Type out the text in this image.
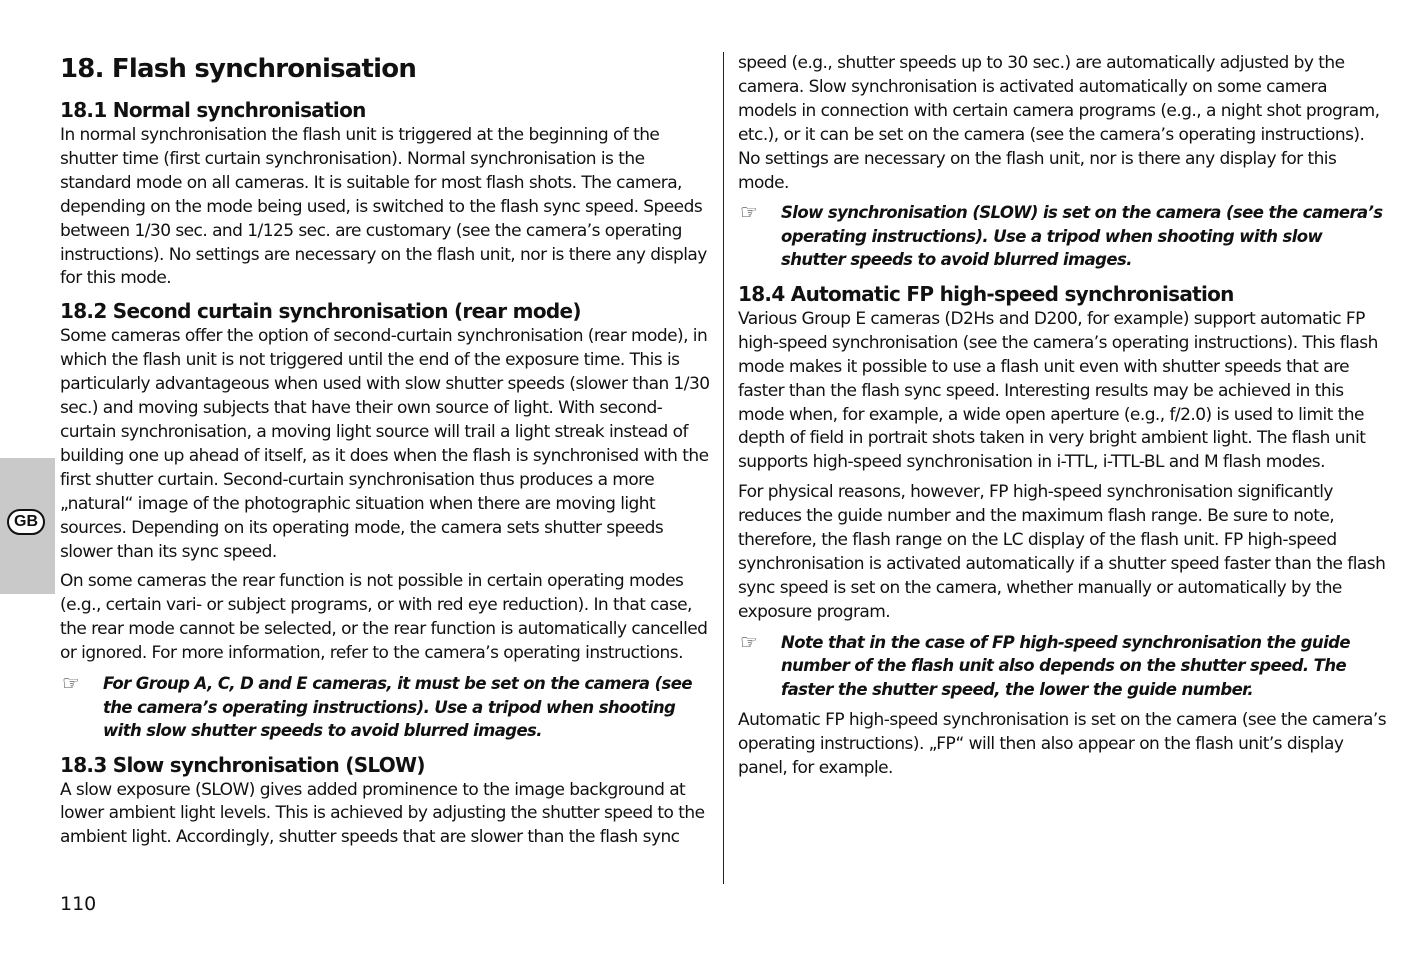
GB
18. Flash synchronisation
18.1 Normal synchronisation

In normal synchronisation the flash unit is triggered at the beginning of the shutter time (first curtain synchronisation). Normal synchronisation is the standard mode on all cameras. It is suitable for most flash shots. The camera, depending on the mode being used, is switched to the flash sync speed. Speeds between 1/30 sec. and 1/125 sec. are customary (see the camera’s operating instructions). No settings are necessary on the flash unit, nor is there any display for this mode.

18.2 Second curtain synchronisation (rear mode)

Some cameras offer the option of second-curtain synchronisation (rear mode), in which the flash unit is not triggered until the end of the exposure time. This is particularly advantageous when used with slow shutter speeds (slower than 1/30 sec.) and moving subjects that have their own source of light. With second-curtain synchronisation, a moving light source will trail a light streak instead of building one up ahead of itself, as it does when the flash is synchronised with the first shutter curtain. Second-curtain synchronisation thus produces a more „natural“ image of the photographic situation when there are moving light sources. Depending on its operating mode, the camera sets shutter speeds slower than its sync speed.

On some cameras the rear function is not possible in certain operating modes (e.g., certain vari- or subject programs, or with red eye reduction). In that case, the rear mode cannot be selected, or the rear function is automatically cancelled or ignored. For more information, refer to the camera’s operating instructions.

☞	For Group A, C, D and E cameras, it must be set on the camera (see the camera’s operating instructions). Use a tripod when shooting with slow shutter speeds to avoid blurred images.
18.3 Slow synchronisation (SLOW)

A slow exposure (SLOW) gives added prominence to the image background at lower ambient light levels. This is achieved by adjusting the shutter speed to the ambient light. Accordingly, shutter speeds that are slower than the flash sync

speed (e.g., shutter speeds up to 30 sec.) are automatically adjusted by the camera. Slow synchronisation is activated automatically on some camera models in connection with certain camera programs (e.g., a night shot program, etc.), or it can be set on the camera (see the camera’s operating instructions). No settings are necessary on the flash unit, nor is there any display for this mode.

☞	Slow synchronisation (SLOW) is set on the camera (see the camera’s operating instructions). Use a tripod when shooting with slow shutter speeds to avoid blurred images.
18.4 Automatic FP high-speed synchronisation

Various Group E cameras (D2Hs and D200, for example) support automatic FP high-speed synchronisation (see the camera’s operating instructions). This flash mode makes it possible to use a flash unit even with shutter speeds that are faster than the flash sync speed. Interesting results may be achieved in this mode when, for example, a wide open aperture (e.g., f/2.0) is used to limit the depth of field in portrait shots taken in very bright ambient light. The flash unit supports high-speed synchronisation in i-TTL, i-TTL-BL and M flash modes.

For physical reasons, however, FP high-speed synchronisation significantly reduces the guide number and the maximum flash range. Be sure to note, therefore, the flash range on the LC display of the flash unit. FP high-speed synchronisation is activated automatically if a shutter speed faster than the flash sync speed is set on the camera, whether manually or automatically by the exposure program.

☞	Note that in the case of FP high-speed synchronisation the guide number of the flash unit also depends on the shutter speed. The faster the shutter speed, the lower the guide number.

Automatic FP high-speed synchronisation is set on the camera (see the camera’s operating instructions). „FP“ will then also appear on the flash unit’s display panel, for example.

110
